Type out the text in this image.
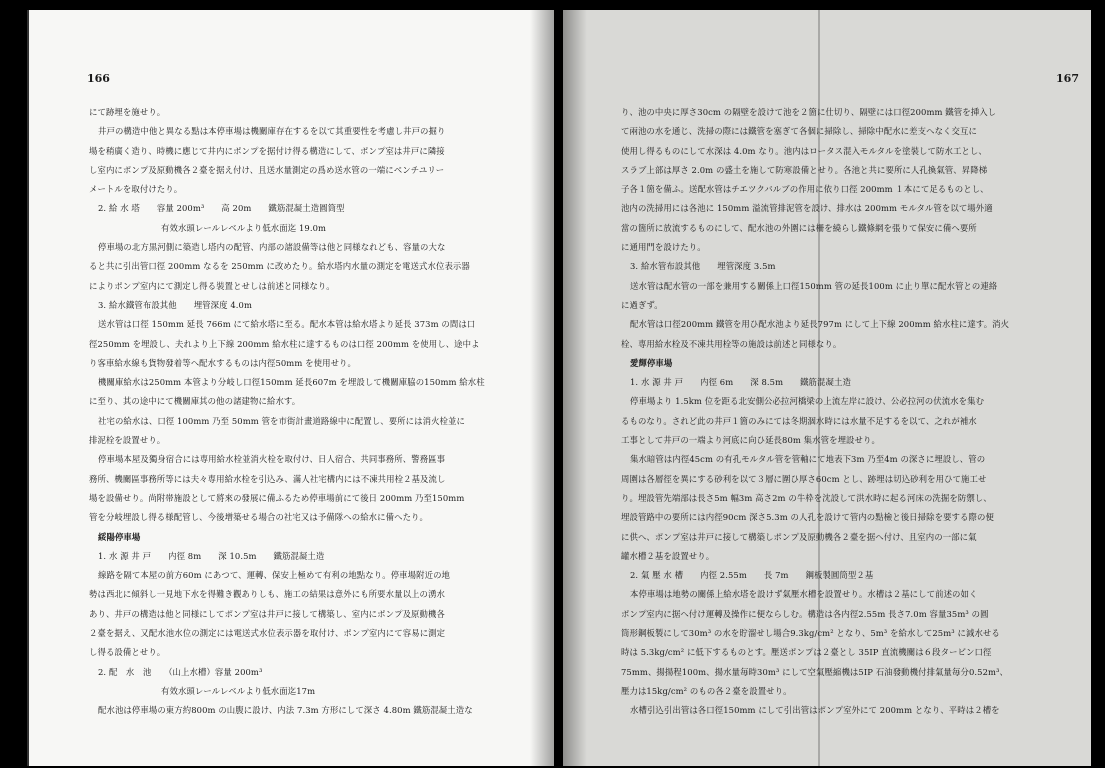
166
にて跡埋を施せり。
井戸の構造中他と異なる點は本停車場は機關庫存在するを以て其重要性を考慮し井戸の掘り
場を稍廣く造り、時機に應じて井内にポンプを据付け得る構造にして、ポンプ室は井戸に隣接
し室内にポンプ及原動機各２臺を据え付け、且送水量測定の爲め送水管の一端にベンチユリー
メートルを取付けたり。
2. 給 水 塔　　容量 200m³　　高 20m　　鐵筋混凝土造圓筒型
有效水頭レールレベルより低水面迄 19.0m
停車場の北方黒河側に築造し塔内の配管、内部の諸設備等は他と同様なれども、容量の大な
ると共に引出管口徑 200mm なるを 250mm に改めたり。給水塔内水量の測定を電送式水位表示器
によりポンプ室内にて測定し得る裝置とせしは前述と同様なり。
3. 給水鐵管布設其他　　埋管深度 4.0m
送水管は口徑 150mm 延長 766m にて給水塔に至る。配水本管は給水塔より延長 373m の間は口
徑250mm を埋設し、夫れより上下線 200mm 給水柱に達するものは口徑 200mm を使用し、途中よ
り客車給水線も貨物發着等へ配水するものは内徑50mm を使用せり。
機關庫給水は250mm 本管より分岐し口徑150mm 延長607m を埋設して機關庫脇の150mm 給水柱
に至り、其の途中にて機關庫其の他の諸建物に給水す。
社宅の給水は、口徑 100mm 乃至 50mm 管を市街計畫道路線中に配置し、要所には消火栓並に
排泥栓を設置せり。
停車場本屋及獨身宿合には専用給水栓並消火栓を取付け、日人宿合、共同事務所、警務區事
務所、機關區事務所等には夫々専用給水栓を引込み、滿人社宅構内には不凍共用栓２基及流し
場を設備せり。尚附帯施設として將來の發展に備ふるため停車場前にて後日 200mm 乃至150mm
管を分岐埋設し得る様配管し、今後增築せる場合の社宅又は予備隊への給水に備へたり。
綏陽停車場
1. 水 源 井 戸　　内徑 8m　　深 10.5m　　鐵筋混凝土造
線路を隔て本屋の前方60m にあつて、運轉、保安上極めて有利の地點なり。停車場附近の地
勢は西北に傾斜し一見地下水を得難き觀ありしも、施工の結果は意外にも所要水量以上の湧水
あり、井戸の構造は他と同様にしてポンプ室は井戸に接して構築し、室内にポンプ及原動機各
２臺を据え、又配水池水位の測定には電送式水位表示器を取付け、ポンプ室内にて容易に測定
し得る設備とせり。
2. 配　水　池　　（山上水槽）容量 200m³
有效水頭レールレベルより低水面迄17m
配水池は停車場の東方約800m の山腹に設け、内法 7.3m 方形にして深さ 4.80m 鐵筋混凝土造な
167
り、池の中央に厚さ30cm の隔壁を設けて池を２箇に仕切り、隔壁には口徑200mm 鐵管を挿入し
て兩池の水を通じ、洗掃の際には鐵管を塞ぎて各個に掃除し、掃除中配水に差支へなく交互に
使用し得るものにして水深は 4.0m なり。池内はロータス混入モルタルを塗裝して防水工とし、
スラブ上部は厚さ 2.0m の盛土を施して防寒設備とせり。各池と共に要所に人孔換氣管、昇降梯
子各１箇を備ふ。送配水管はチエツクバルブの作用に依り口徑 200mm １本にて足るものとし、
池内の洗掃用には各池に 150mm 溢流管排泥管を設け、排水は 200mm モルタル管を以て場外適
當の箇所に放流するものにして、配水池の外圍には柵を繞らし鐵條網を張りて保安に備へ要所
に通用門を設けたり。
3. 給水管布設其他　　埋管深度 3.5m
送水管は配水管の一部を兼用する關係上口徑150mm 管の延長100m に止り單に配水管との連絡
に過ぎず。
配水管は口徑200mm 鐵管を用ひ配水池より延長797m にして上下線 200mm 給水柱に達す。消火
栓、専用給水栓及不凍共用栓等の施設は前述と同様なり。
愛輝停車場
1. 水 源 井 戸　　内徑 6m　　深 8.5m　　鐵筋混凝土造
停車場より 1.5km 位を距る北安側公必拉河橋梁の上流左岸に設け、公必拉河の伏流水を集む
るものなり。されど此の井戸１箇のみにては冬期涸水時には水量不足するを以て、之れが補水
工事として井戸の一端より河底に向ひ延長80m 集水管を埋設せり。
集水暗管は内徑45cm の有孔モルタル管を管軸にて地表下3m 乃至4m の深さに埋設し、管の
周圍は各層徑を異にする砂利を以て３層に圍ひ厚さ60cm とし、跡埋は切込砂利を用ひて施工せ
り。埋設管先端部は長さ5m 幅3m 高さ2m の牛枠を沈設して洪水時に起る河床の洗掘を防禦し、
埋設管路中の要所には内徑90cm 深さ5.3m の人孔を設けて管内の點檢と後日掃除を要する際の便
に供へ、ポンプ室は井戸に接して構築しポンプ及原動機各２臺を据へ付け、且室内の一部に氣
罐水槽２基を設置せり。
2. 氣 壓 水 槽　　内徑 2.55m　　長 7m　　鋼板製圓筒型２基
本停車場は地勢の關係上給水塔を設けず氣壓水槽を設置せり。水槽は２基にして前述の如く
ポンプ室内に据へ付け運轉及操作に便ならしむ。構造は各内徑2.55m 長さ7.0m 容量35m³ の圓
筒形鋼板製にして30m³ の水を貯溜せし場合9.3kg/cm² となり、5m³ を給水して25m³ に減水せる
時は 5.3kg/cm² に低下するものとす。壓送ポンプは２臺とし 35IP 直流機關は６段タービン口徑
75mm、揚揚程100m、揚水量毎時30m³ にして空氣壓縮機は5IP 石油發動機付排氣量毎分0.52m³、
壓力は15kg/cm² のもの各２臺を設置せり。
水槽引込引出管は各口徑150mm にして引出管はポンプ室外にて 200mm となり、平時は２槽を
